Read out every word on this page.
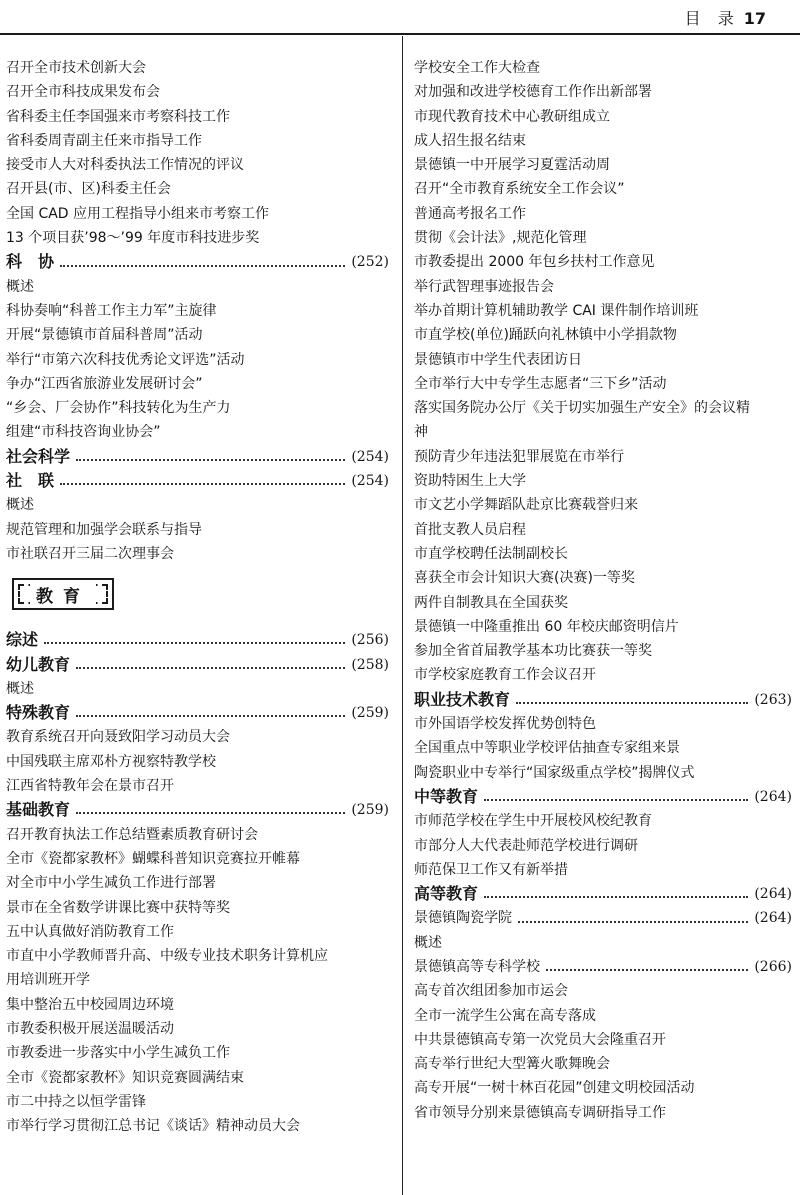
目 录 17
召开全市技术创新大会
召开全市科技成果发布会
省科委主任李国强来市考察科技工作
省科委周青副主任来市指导工作
接受市人大对科委执法工作情况的评议
召开县(市、区)科委主任会
全国 CAD 应用工程指导小组来市考察工作
13 个项目获’98～’99 年度市科技进步奖
科　协	(252)
概述
科协奏响“科普工作主力军”主旋律
开展“景德镇市首届科普周”活动
举行“市第六次科技优秀论文评选”活动
争办“江西省旅游业发展研讨会”
“乡会、厂会协作”科技转化为生产力
组建“市科技咨询业协会”
社会科学	(254)
社　联	(254)
概述
规范管理和加强学会联系与指导
市社联召开三届二次理事会
教育
综述	(256)
幼儿教育	(258)
概述
特殊教育	(259)
教育系统召开向聂致阳学习动员大会
中国残联主席邓朴方视察特教学校
江西省特教年会在景市召开
基础教育	(259)
召开教育执法工作总结暨素质教育研讨会
全市《瓷都家教杯》蝴蝶科普知识竞赛拉开帷幕
对全市中小学生减负工作进行部署
景市在全省数学讲课比赛中获特等奖
五中认真做好消防教育工作
市直中小学教师晋升高、中级专业技术职务计算机应
用培训班开学
集中整治五中校园周边环境
市教委积极开展送温暖活动
市教委进一步落实中小学生减负工作
全市《瓷都家教杯》知识竞赛圆满结束
市二中持之以恒学雷锋
市举行学习贯彻江总书记《谈话》精神动员大会
学校安全工作大检查
对加强和改进学校德育工作作出新部署
市现代教育技术中心教研组成立
成人招生报名结束
景德镇一中开展学习夏霆活动周
召开“全市教育系统安全工作会议”
普通高考报名工作
贯彻《会计法》,规范化管理
市教委提出 2000 年包乡扶村工作意见
举行武智理事迹报告会
举办首期计算机辅助教学 CAI 课件制作培训班
市直学校(单位)踊跃向礼林镇中小学捐款物
景德镇市中学生代表团访日
全市举行大中专学生志愿者“三下乡”活动
落实国务院办公厅《关于切实加强生产安全》的会议精
神
预防青少年违法犯罪展览在市举行
资助特困生上大学
市文艺小学舞蹈队赴京比赛载誉归来
首批支教人员启程
市直学校聘任法制副校长
喜获全市会计知识大赛(决赛)一等奖
两件自制教具在全国获奖
景德镇一中隆重推出 60 年校庆邮资明信片
参加全省首届教学基本功比赛获一等奖
市学校家庭教育工作会议召开
职业技术教育	(263)
市外国语学校发挥优势创特色
全国重点中等职业学校评估抽查专家组来景
陶瓷职业中专举行“国家级重点学校”揭牌仪式
中等教育	(264)
市师范学校在学生中开展校风校纪教育
市部分人大代表赴师范学校进行调研
师范保卫工作又有新举措
高等教育	(264)
景德镇陶瓷学院	(264)
概述
景德镇高等专科学校	(266)
高专首次组团参加市运会
全市一流学生公寓在高专落成
中共景德镇高专第一次党员大会隆重召开
高专举行世纪大型篝火歌舞晚会
高专开展“一树十林百花园”创建文明校园活动
省市领导分别来景德镇高专调研指导工作
